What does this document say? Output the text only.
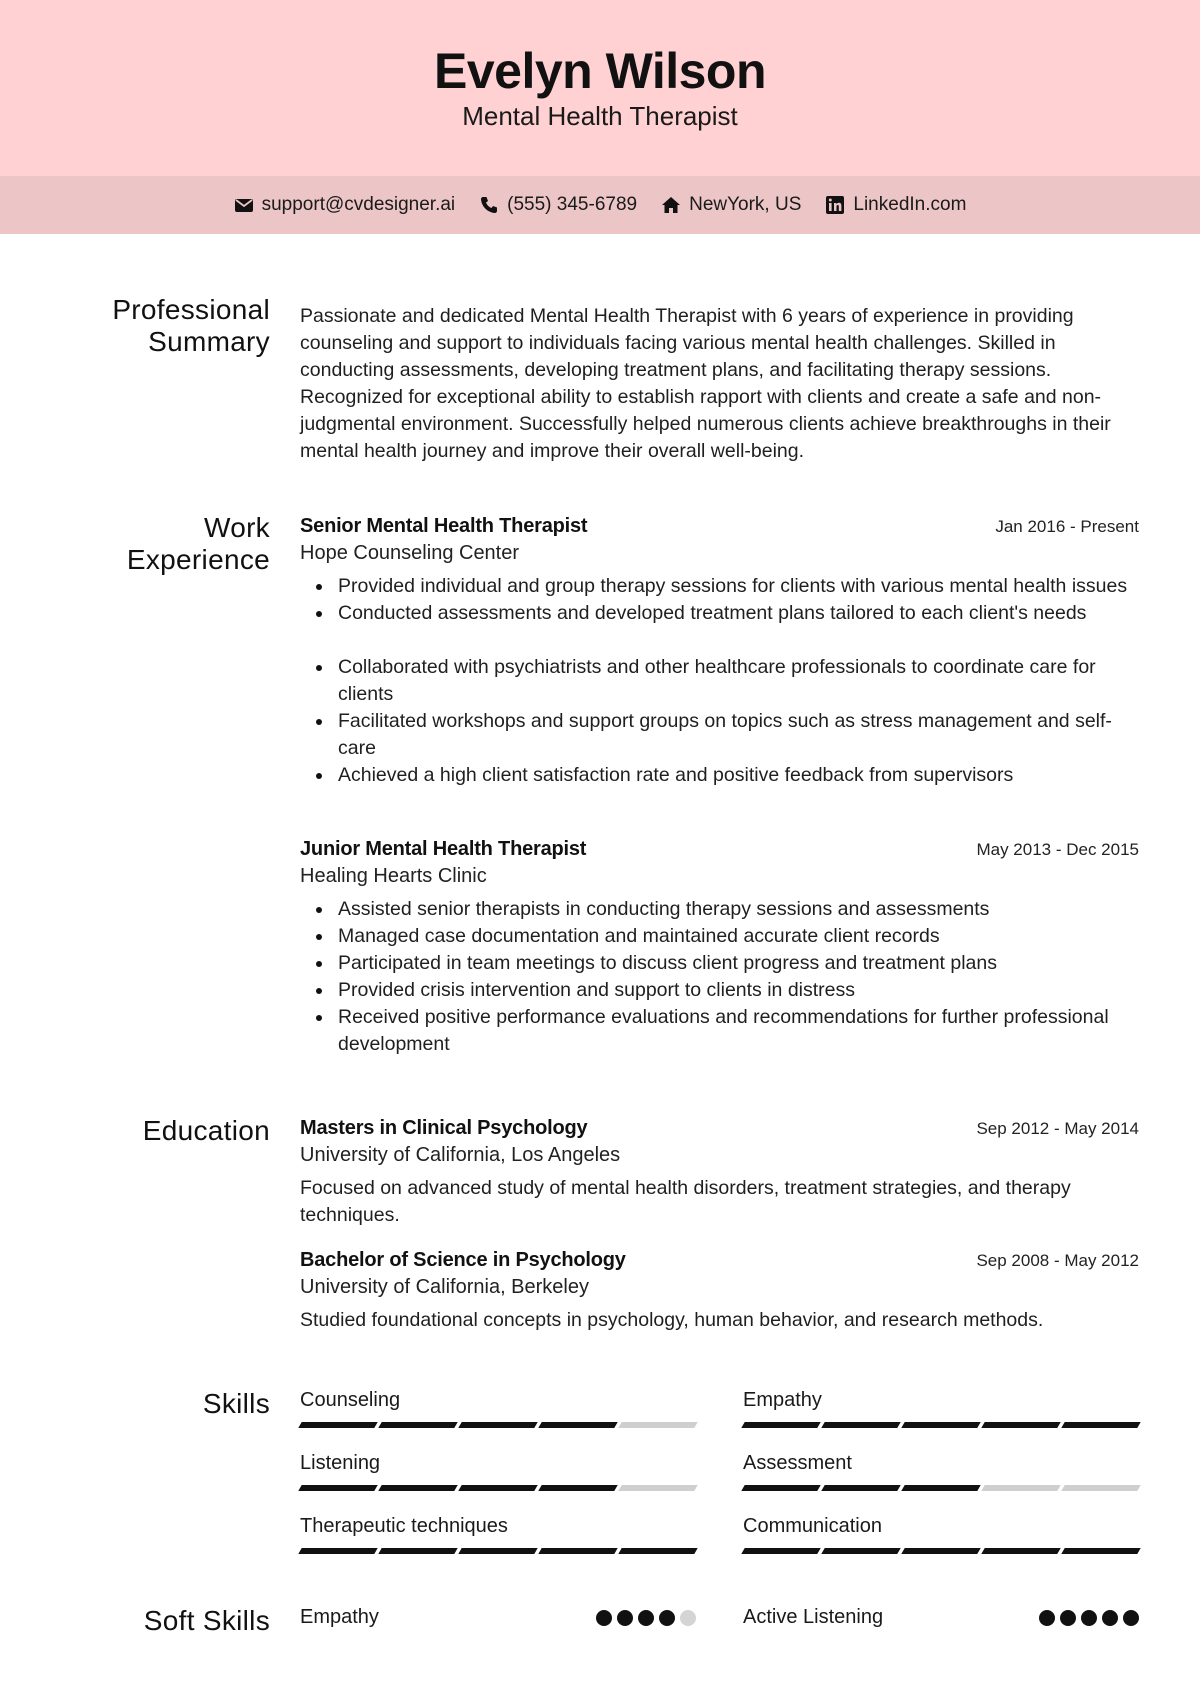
Evelyn Wilson
Mental Health Therapist
support@cvdesigner.ai	(555) 345-6789	NewYork, US	LinkedIn.com
Professional Summary

Passionate and dedicated Mental Health Therapist with 6 years of experience in providing counseling and support to individuals facing various mental health challenges. Skilled in conducting assessments, developing treatment plans, and facilitating therapy sessions. Recognized for exceptional ability to establish rapport with clients and create a safe and non-judgmental environment. Successfully helped numerous clients achieve breakthroughs in their mental health journey and improve their overall well-being.

Work Experience
Senior Mental Health Therapist	Jan 2016 - Present
Hope Counseling Center
Provided individual and group therapy sessions for clients with various mental health issues
Conducted assessments and developed treatment plans tailored to each client's needs
Collaborated with psychiatrists and other healthcare professionals to coordinate care for clients
Facilitated workshops and support groups on topics such as stress management and self-care
Achieved a high client satisfaction rate and positive feedback from supervisors
Junior Mental Health Therapist	May 2013 - Dec 2015
Healing Hearts Clinic
Assisted senior therapists in conducting therapy sessions and assessments
Managed case documentation and maintained accurate client records
Participated in team meetings to discuss client progress and treatment plans
Provided crisis intervention and support to clients in distress
Received positive performance evaluations and recommendations for further professional development
Education Masters in Clinical Psychology	Sep 2012 - May 2014
University of California, Los Angeles

Focused on advanced study of mental health disorders, treatment strategies, and therapy techniques.

Bachelor of Science in Psychology	Sep 2008 - May 2012
University of California, Berkeley

Studied foundational concepts in psychology, human behavior, and research methods.

Skills Counseling	Empathy
Listening	Assessment
Therapeutic techniques	Communication
Soft Skills Empathy	Active Listening
